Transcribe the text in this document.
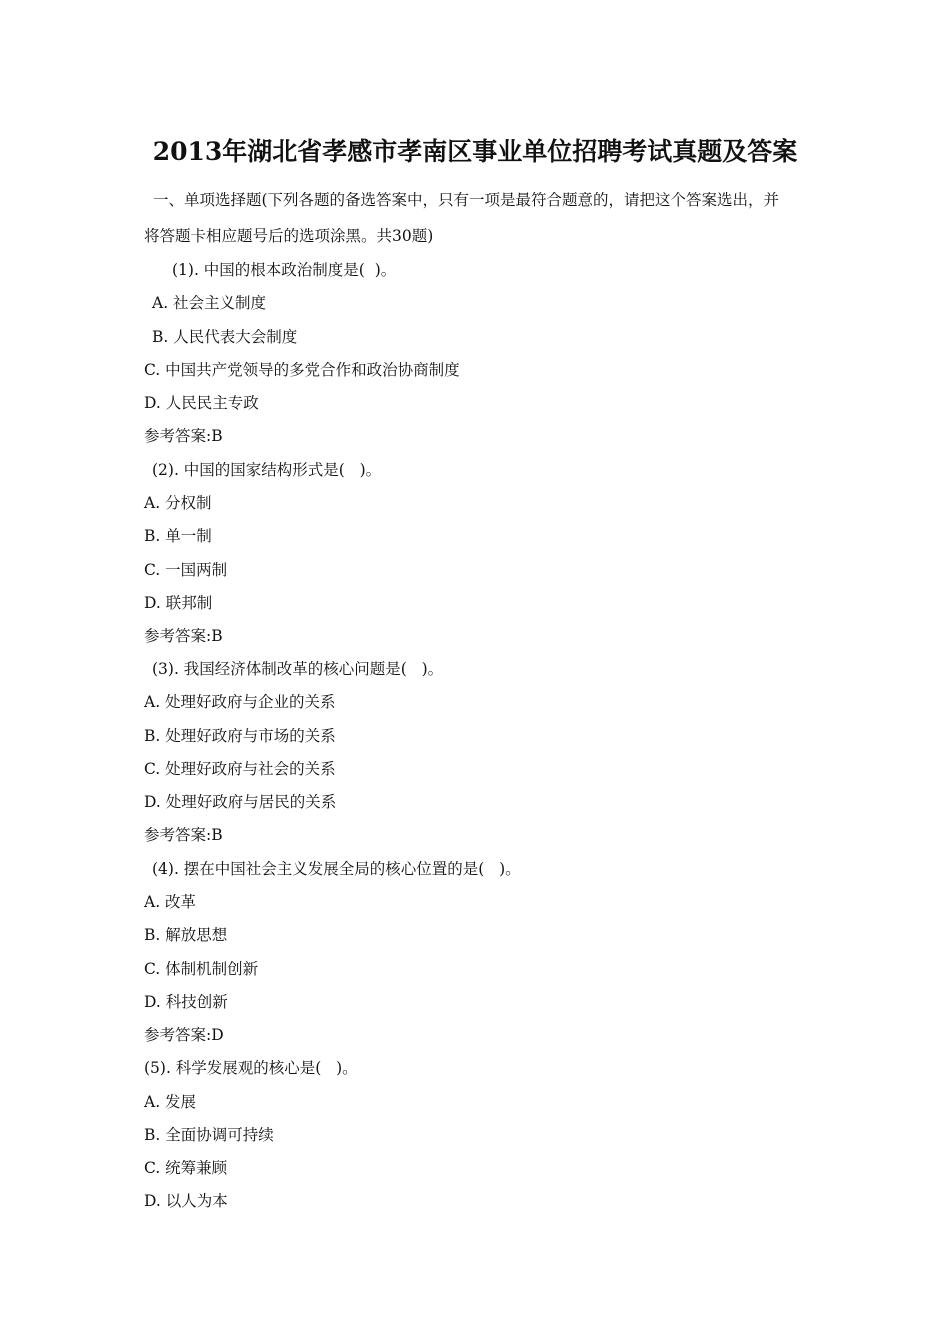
2013年湖北省孝感市孝南区事业单位招聘考试真题及答案
一、单项选择题(下列各题的备选答案中，只有一项是最符合题意的，请把这个答案选出，并
将答题卡相应题号后的选项涂黑。共30题)
(1). 中国的根本政治制度是(  )。
A. 社会主义制度
B. 人民代表大会制度
C. 中国共产党领导的多党合作和政治协商制度
D. 人民民主专政
参考答案:B
(2). 中国的国家结构形式是(   )。
A. 分权制
B. 单一制
C. 一国两制
D. 联邦制
参考答案:B
(3). 我国经济体制改革的核心问题是(   )。
A. 处理好政府与企业的关系
B. 处理好政府与市场的关系
C. 处理好政府与社会的关系
D. 处理好政府与居民的关系
参考答案:B
(4). 摆在中国社会主义发展全局的核心位置的是(   )。
A. 改革
B. 解放思想
C. 体制机制创新
D. 科技创新
参考答案:D
(5). 科学发展观的核心是(   )。
A. 发展
B. 全面协调可持续
C. 统筹兼顾
D. 以人为本
